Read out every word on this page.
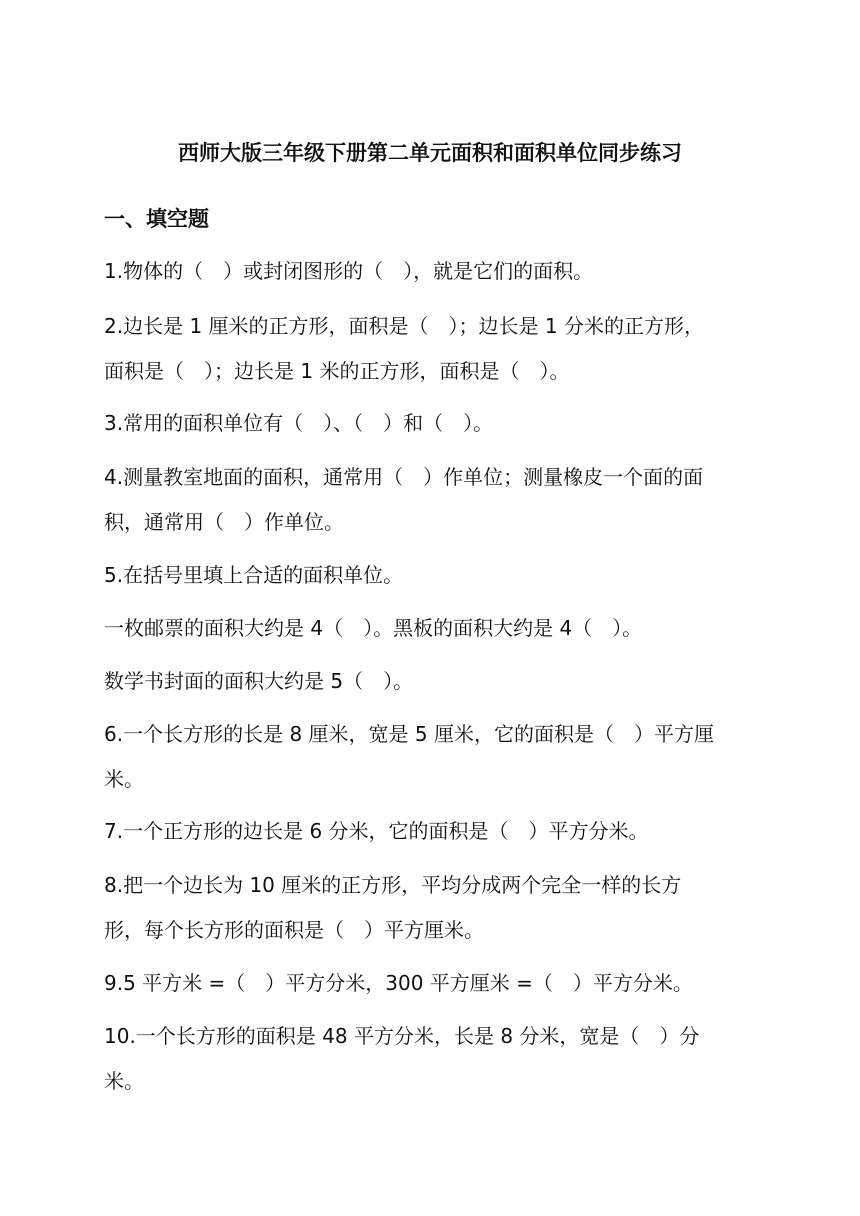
西师大版三年级下册第二单元面积和面积单位同步练习
一、填空题
1.物体的（　）或封闭图形的（　），就是它们的面积。
2.边长是 1 厘米的正方形，面积是（　）；边长是 1 分米的正方形，
面积是（　）；边长是 1 米的正方形，面积是（　）。
3.常用的面积单位有（　）、（　）和（　）。
4.测量教室地面的面积，通常用（　）作单位；测量橡皮一个面的面
积，通常用（　）作单位。
5.在括号里填上合适的面积单位。
一枚邮票的面积大约是 4（　）。黑板的面积大约是 4（　）。
数学书封面的面积大约是 5（　）。
6.一个长方形的长是 8 厘米，宽是 5 厘米，它的面积是（　）平方厘
米。
7.一个正方形的边长是 6 分米，它的面积是（　）平方分米。
8.把一个边长为 10 厘米的正方形，平均分成两个完全一样的长方
形，每个长方形的面积是（　）平方厘米。
9.5 平方米 =（　）平方分米，300 平方厘米 =（　）平方分米。
10.一个长方形的面积是 48 平方分米，长是 8 分米，宽是（　）分
米。
